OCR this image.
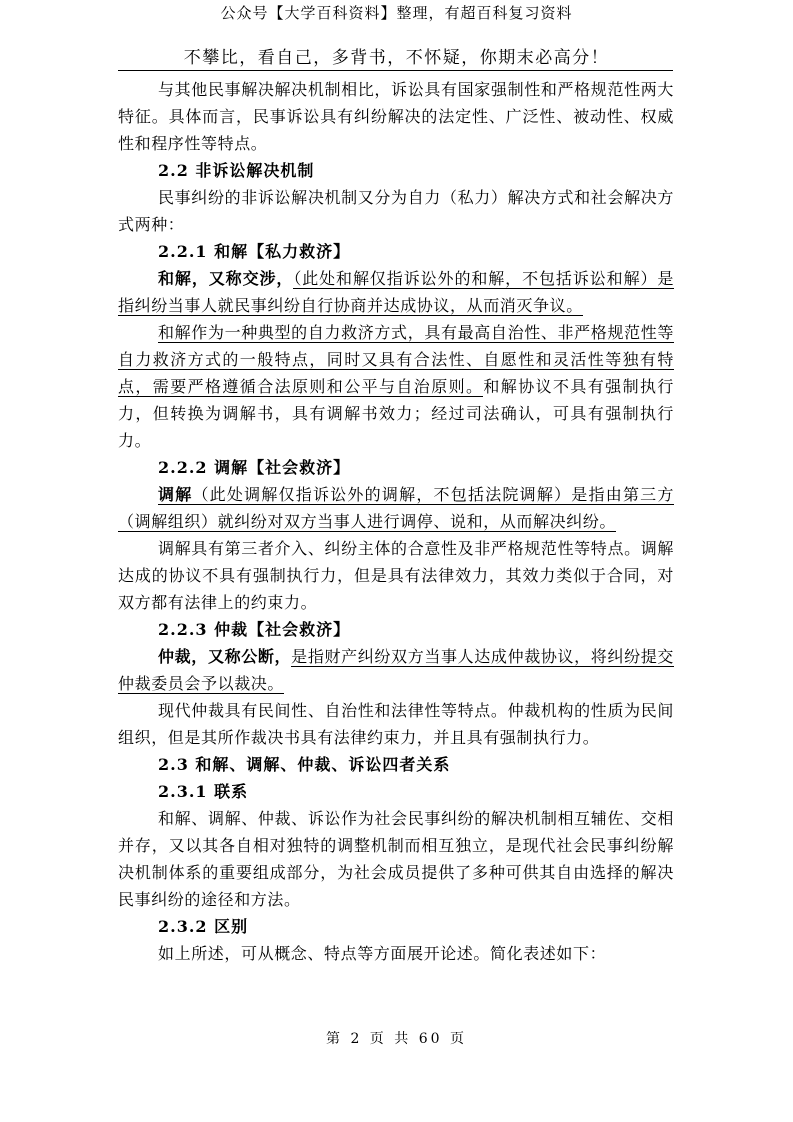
公众号【大学百科资料】整理，有超百科复习资料
不攀比，看自己，多背书，不怀疑，你期末必高分！

与其他民事解决解决机制相比，诉讼具有国家强制性和严格规范性两大特征。具体而言，民事诉讼具有纠纷解决的法定性、广泛性、被动性、权威性和程序性等特点。

2.2 非诉讼解决机制

民事纠纷的非诉讼解决机制又分为自力（私力）解决方式和社会解决方式两种：

2.2.1 和解【私力救济】

和解，又称交涉，（此处和解仅指诉讼外的和解，不包括诉讼和解）是指纠纷当事人就民事纠纷自行协商并达成协议，从而消灭争议。

和解作为一种典型的自力救济方式，具有最高自治性、非严格规范性等自力救济方式的一般特点，同时又具有合法性、自愿性和灵活性等独有特点，需要严格遵循合法原则和公平与自治原则。和解协议不具有强制执行力，但转换为调解书，具有调解书效力；经过司法确认，可具有强制执行力。

2.2.2 调解【社会救济】

调解（此处调解仅指诉讼外的调解，不包括法院调解）是指由第三方（调解组织）就纠纷对双方当事人进行调停、说和，从而解决纠纷。

调解具有第三者介入、纠纷主体的合意性及非严格规范性等特点。调解达成的协议不具有强制执行力，但是具有法律效力，其效力类似于合同，对双方都有法律上的约束力。

2.2.3 仲裁【社会救济】

仲裁，又称公断，是指财产纠纷双方当事人达成仲裁协议，将纠纷提交仲裁委员会予以裁决。

现代仲裁具有民间性、自治性和法律性等特点。仲裁机构的性质为民间组织，但是其所作裁决书具有法律约束力，并且具有强制执行力。

2.3 和解、调解、仲裁、诉讼四者关系

2.3.1 联系

和解、调解、仲裁、诉讼作为社会民事纠纷的解决机制相互辅佐、交相并存，又以其各自相对独特的调整机制而相互独立，是现代社会民事纠纷解决机制体系的重要组成部分，为社会成员提供了多种可供其自由选择的解决民事纠纷的途径和方法。

2.3.2 区别

如上所述，可从概念、特点等方面展开论述。简化表述如下：

第 2 页 共 60 页
